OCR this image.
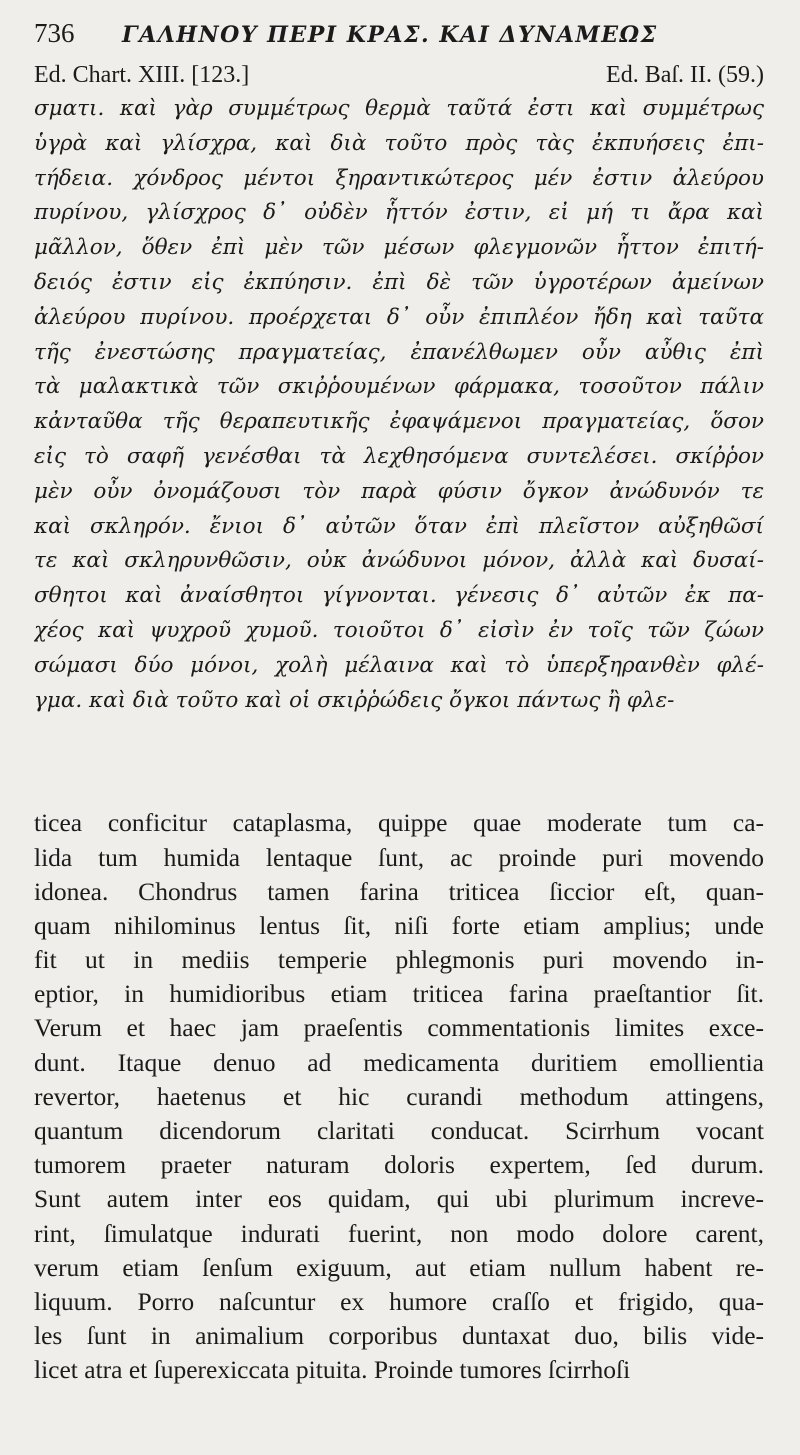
736	ΓΑΛΗΝΟΥ ΠΕΡΙ ΚΡΑΣ. ΚΑΙ ΔΥΝΑΜΕΩΣ
Ed. Chart. XIII. [123.]	Ed. Baſ. II. (59.)
σματι. καὶ γὰρ συμμέτρως θερμὰ ταῦτά ἐστι καὶ συμμέτρως
ὑγρὰ καὶ γλίσχρα, καὶ διὰ τοῦτο πρὸς τὰς ἐκπυήσεις ἐπι-
τήδεια. χόνδρος μέντοι ξηραντικώτερος μέν ἐστιν ἀλεύρου
πυρίνου, γλίσχρος δ᾽ οὐδὲν ἧττόν ἐστιν, εἰ μή τι ἄρα καὶ
μᾶλλον, ὅθεν ἐπὶ μὲν τῶν μέσων φλεγμονῶν ἧττον ἐπιτή-
δειός ἐστιν εἰς ἐκπύησιν. ἐπὶ δὲ τῶν ὑγροτέρων ἀμείνων
ἀλεύρου πυρίνου. προέρχεται δ᾽ οὖν ἐπιπλέον ἤδη καὶ ταῦτα
τῆς ἐνεστώσης πραγματείας, ἐπανέλθωμεν οὖν αὖθις ἐπὶ
τὰ μαλακτικὰ τῶν σκιῤῥουμένων φάρμακα, τοσοῦτον πάλιν
κἀνταῦθα τῆς θεραπευτικῆς ἐφαψάμενοι πραγματείας, ὅσον
εἰς τὸ σαφῆ γενέσθαι τὰ λεχθησόμενα συντελέσει. σκίῤῥον
μὲν οὖν ὀνομάζουσι τὸν παρὰ φύσιν ὄγκον ἀνώδυνόν τε
καὶ σκληρόν. ἔνιοι δ᾽ αὐτῶν ὅταν ἐπὶ πλεῖστον αὐξηθῶσί
τε καὶ σκληρυνθῶσιν, οὐκ ἀνώδυνοι μόνον, ἀλλὰ καὶ δυσαί-
σθητοι καὶ ἀναίσθητοι γίγνονται. γένεσις δ᾽ αὐτῶν ἐκ πα-
χέος καὶ ψυχροῦ χυμοῦ. τοιοῦτοι δ᾽ εἰσὶν ἐν τοῖς τῶν ζώων
σώμασι δύο μόνοι, χολὴ μέλαινα καὶ τὸ ὑπερξηρανθὲν φλέ-
γμα. καὶ διὰ τοῦτο καὶ οἱ σκιῤῥώδεις ὄγκοι πάντως ἢ φλε-
ticea conficitur cataplasma, quippe quae moderate tum ca-
lida tum humida lentaque ſunt, ac proinde puri movendo
idonea. Chondrus tamen farina triticea ſiccior eſt, quan-
quam nihilominus lentus ſit, niſi forte etiam amplius; unde
fit ut in mediis temperie phlegmonis puri movendo in-
eptior, in humidioribus etiam triticea farina praeſtantior ſit.
Verum et haec jam praeſentis commentationis limites exce-
dunt. Itaque denuo ad medicamenta duritiem emollientia
revertor, haetenus et hic curandi methodum attingens,
quantum dicendorum claritati conducat. Scirrhum vocant
tumorem praeter naturam doloris expertem, ſed durum.
Sunt autem inter eos quidam, qui ubi plurimum increve-
rint, ſimulatque indurati fuerint, non modo dolore carent,
verum etiam ſenſum exiguum, aut etiam nullum habent re-
liquum. Porro naſcuntur ex humore craſſo et frigido, qua-
les ſunt in animalium corporibus duntaxat duo, bilis vide-
licet atra et ſuperexiccata pituita. Proinde tumores ſcirrhoſi
